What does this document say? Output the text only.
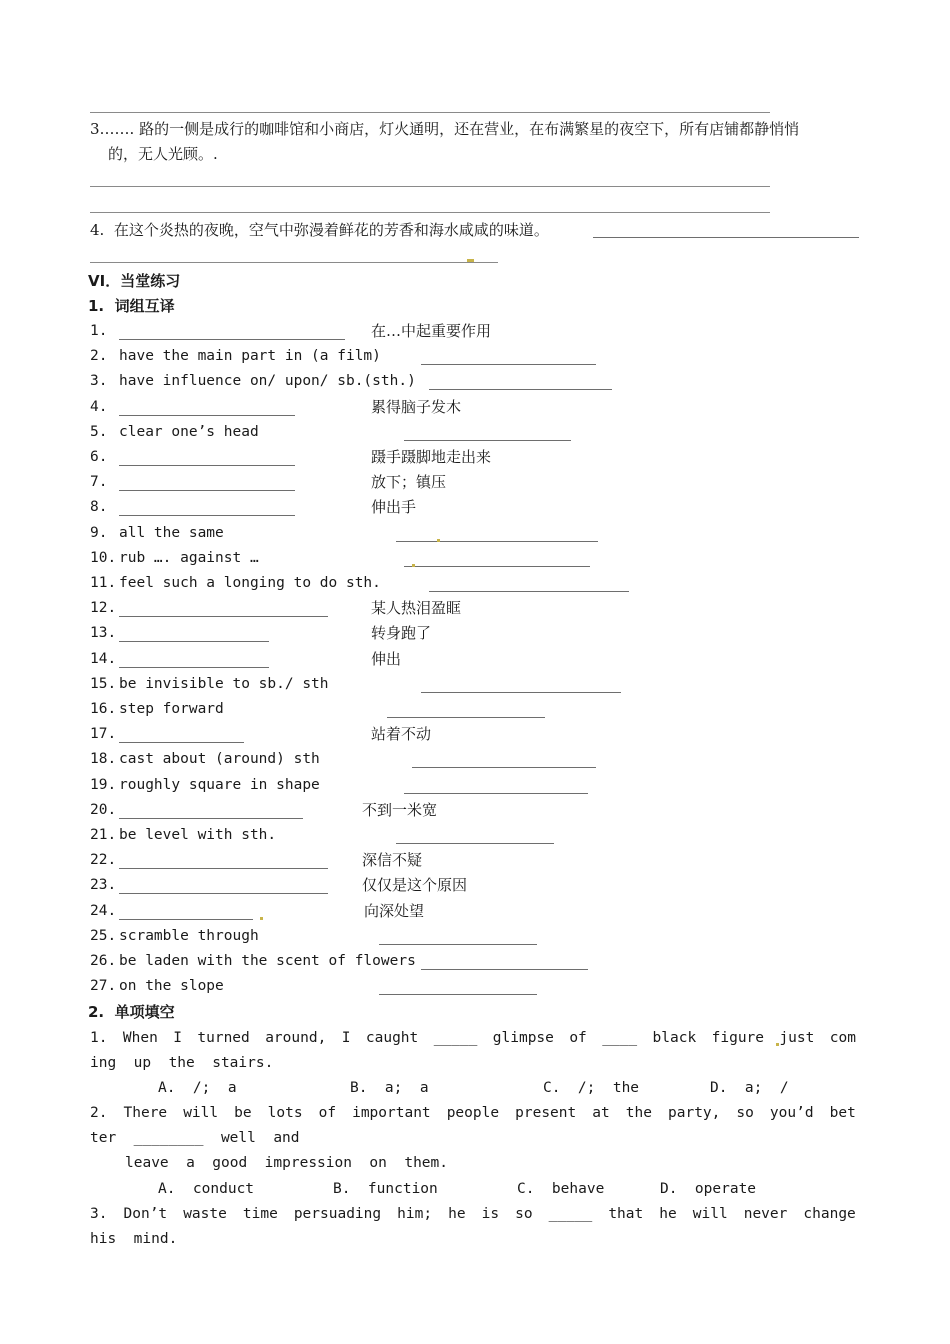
3……. 路的一侧是成行的咖啡馆和小商店，灯火通明，还在营业，在布满繁星的夜空下，所有店铺都静悄悄
的，无人光顾。.
4.  在这个炎热的夜晚，空气中弥漫着鲜花的芳香和海水咸咸的味道。
VI．当堂练习
1.  词组互译
1.	在…中起重要作用
2. have the main part in (a film)
3. have influence on/ upon/ sb.(sth.)
4.	累得脑子发木
5. clear one’s head
6.	蹑手蹑脚地走出来
7.	放下；镇压
8.	伸出手
9. all the same
10. rub …. against …
11. feel such a longing to do sth.
12.	某人热泪盈眶
13.	转身跑了
14.	伸出
15. be invisible to sb./ sth
16. step forward
17.	站着不动
18. cast about (around) sth
19. roughly square in shape
20.	不到一米宽
21. be level with sth.
22.	深信不疑
23.	仅仅是这个原因
24.	向深处望
25. scramble through
26. be laden with the scent of flowers
27. on the slope
2.  单项填空
1. When I turned around, I caught _____ glimpse of ____ black figure just com
ing  up  the  stairs.
A.  /;  a	B.  a;  a	C.  /;  the	D.  a;  /
2. There will be lots of important people present at the party, so you’d bet
ter  ________  well  and
leave  a  good  impression  on  them.
A.  conduct	B.  function	C.  behave	D.  operate
3. Don’t waste time persuading him; he is so _____ that he will never change
his  mind.
